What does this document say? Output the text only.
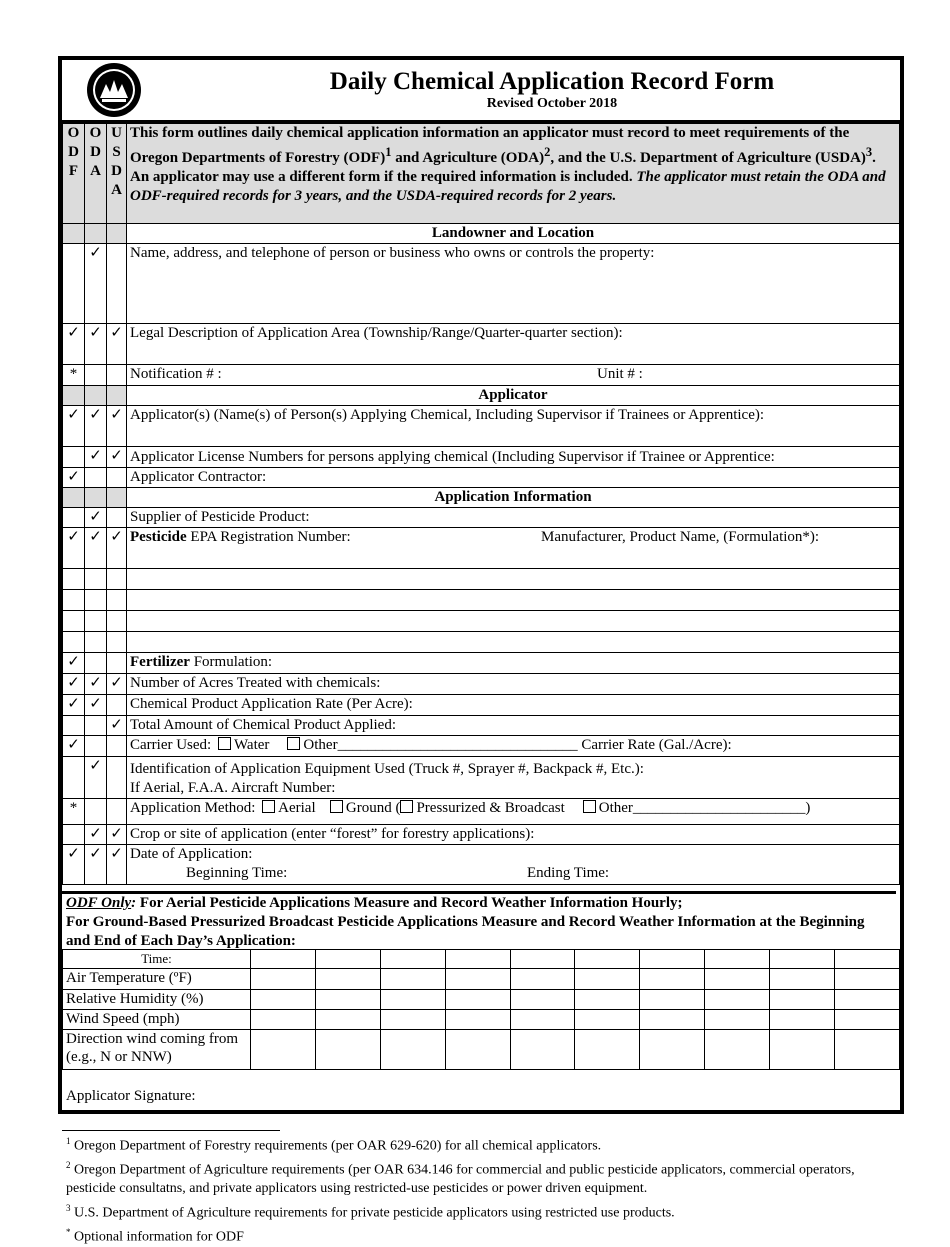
Daily Chemical Application Record Form
Revised October 2018
O D F	O D A	U S D A	This form outlines daily chemical application information an applicator must record to meet requirements of the Oregon Departments of Forestry (ODF)$^1$ and Agriculture (ODA)$^2$, and the U.S. Department of Agriculture (USDA)$^3$. An applicator may use a different form if the required information is included. The applicator must retain the ODA and ODF-required records for 3 years, and the USDA-required records for 2 years.
			Landowner and Location
	✓		Name, address, and telephone of person or business who owns or controls the property:
✓	✓	✓	Legal Description of Application Area (Township/Range/Quarter-quarter section):
*			Notification # : Unit # :

			Applicator
✓	✓	✓	Applicator(s) (Name(s) of Person(s) Applying Chemical, Including Supervisor if Trainees or Apprentice):
	✓	✓	Applicator License Numbers for persons applying chemical (Including Supervisor if Trainee or Apprentice:
✓			Applicator Contractor:
			Application Information
	✓		Supplier of Pesticide Product:
✓	✓	✓	Pesticide EPA Registration Number: Manufacturer, Product Name, (Formulation*):

✓			Fertilizer Formulation:
✓	✓	✓	Number of Acres Treated with chemicals:
✓	✓		Chemical Product Application Rate (Per Acre):
		✓	Total Amount of Chemical Product Applied:
✓			Carrier Used: Water Other________________________________ Carrier Rate (Gal./Acre):
	✓		Identification of Application Equipment Used (Truck #, Sprayer #, Backpack #, Etc.):
If Aerial, F.A.A. Aircraft Number:
*			Application Method: Aerial Ground ( Pressurized & Broadcast Other_______________________)
	✓	✓	Crop or site of application (enter “forest” for forestry applications):
✓	✓	✓	Date of Application:
Beginning Time: Ending Time:
ODF Only: For Aerial Pesticide Applications Measure and Record Weather Information Hourly;
For Ground-Based Pressurized Broadcast Pesticide Applications Measure and Record Weather Information at the Beginning and End of Each Day’s Application:
Time:										
Air Temperature (ºF)										
Relative Humidity (%)										
Wind Speed (mph)										
Direction wind coming from (e.g., N or NNW)										
Applicator Signature:
$^1$ Oregon Department of Forestry requirements (per OAR 629-620) for all chemical applicators.
$^2$ Oregon Department of Agriculture requirements (per OAR 634.146 for commercial and public pesticide applicators, commercial operators, pesticide consultatns, and private applicators using restricted-use pesticides or power driven equipment.
$^3$ U.S. Department of Agriculture requirements for private pesticide applicators using restricted use products.
* Optional information for ODF
